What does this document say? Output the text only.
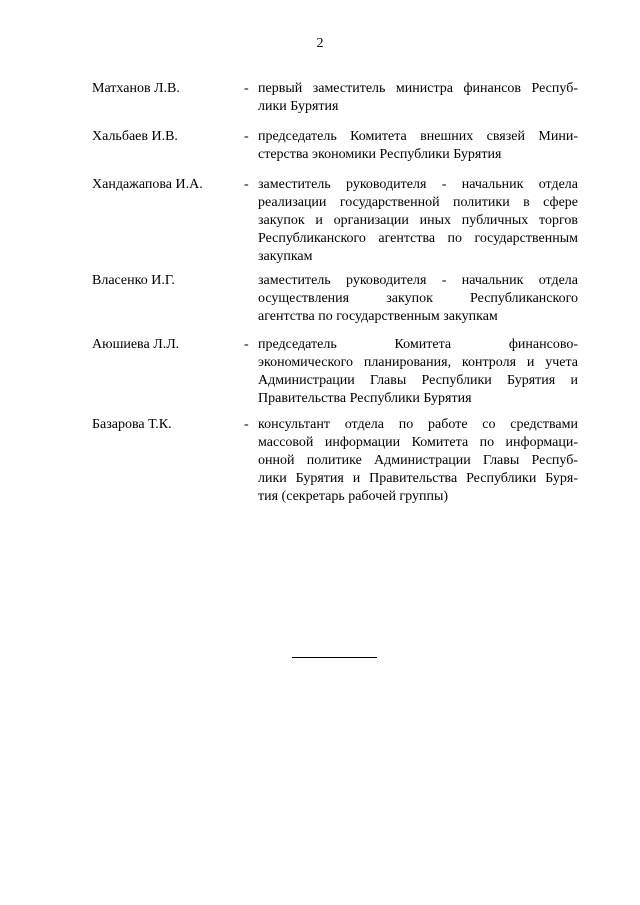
2
Матханов Л.В.	- первый заместитель министра финансов Респуб-
лики Бурятия
Хальбаев И.В.	- председатель Комитета внешних связей Мини-
стерства экономики Республики Бурятия
Хандажапова И.А.	- заместитель руководителя - начальник отдела
реализации государственной политики в сфере
закупок и организации иных публичных торгов
Республиканского агентства по государственным
закупкам
Власенко И.Г.	заместитель руководителя - начальник отдела
осуществления закупок Республиканского
агентства по государственным закупкам
Аюшиева Л.Л.	- председатель Комитета финансово-
экономического планирования, контроля и учета
Администрации Главы Республики Бурятия и
Правительства Республики Бурятия
Базарова Т.К.	- консультант отдела по работе со средствами
массовой информации Комитета по информаци-
онной политике Администрации Главы Респуб-
лики Бурятия и Правительства Республики Буря-
тия (секретарь рабочей группы)
